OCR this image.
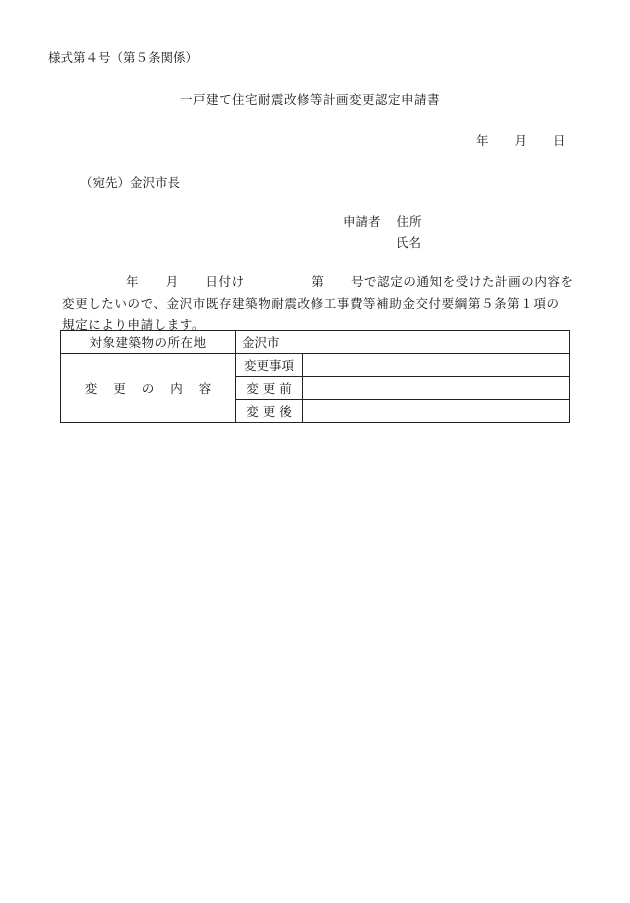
様式第４号（第５条関係）
一戸建て住宅耐震改修等計画変更認定申請書
年 月 日
（宛先）金沢市長
申請者 住所
氏名
年 月 日付け	第 号で認定の通知を受けた計画の内容を
変更したいので、金沢市既存建築物耐震改修工事費等補助金交付要綱第５条第１項の
規定により申請します。
対象建築物の所在地	金沢市	
変更の内容	変更事項	
	変 更 前	
	変 更 後	
